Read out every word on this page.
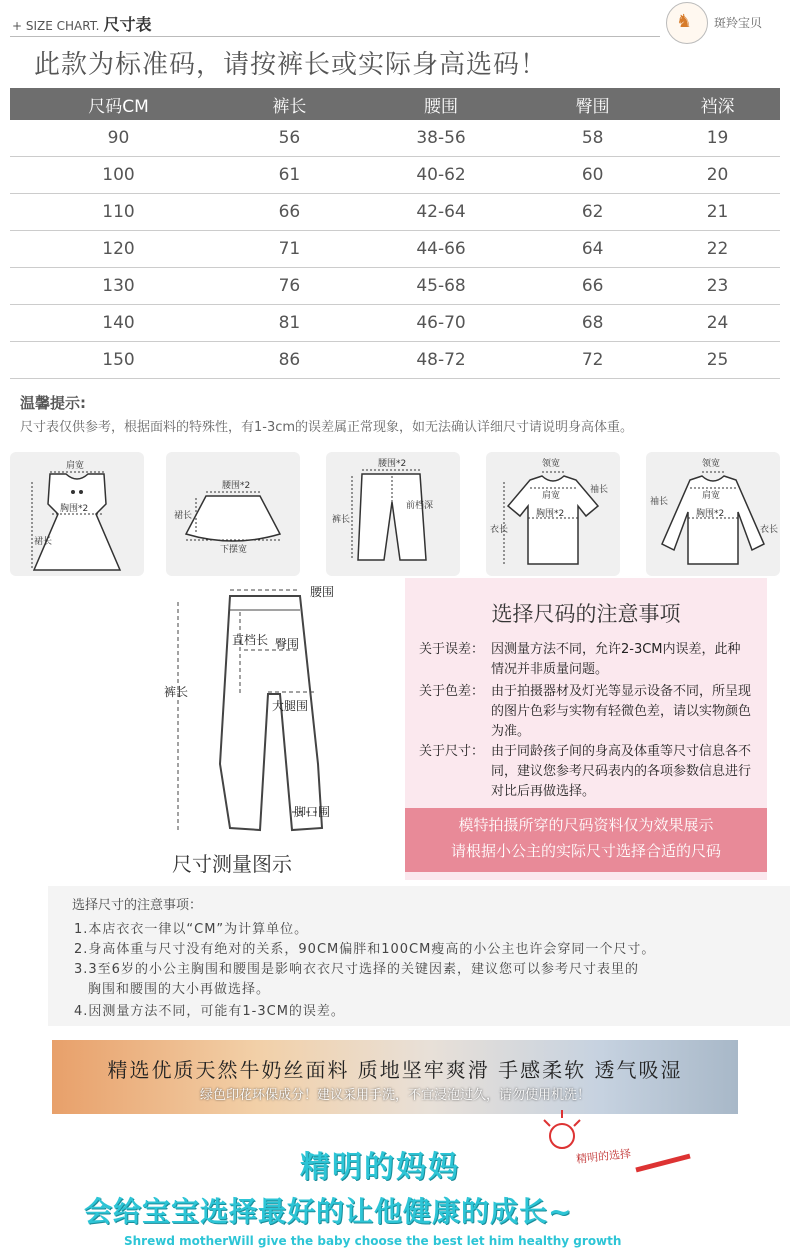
+ SIZE CHART. 尺寸表	♞ 斑羚宝贝
此款为标准码，请按裤长或实际身高选码！
尺码CM	裤长	腰围	臀围	裆深
90	56	38-56	58	19
100	61	40-62	60	20
110	66	42-64	62	21
120	71	44-66	64	22
130	76	45-68	66	23
140	81	46-70	68	24
150	86	48-72	72	25
温馨提示:
尺寸表仅供参考，根据面料的特殊性，有1-3cm的误差属正常现象，如无法确认详细尺寸请说明身高体重。
肩宽
胸围*2
裙长
腰围*2
裙长
下摆宽
腰围*2
裤长
前档深
领宽
肩宽
袖长
衣长
胸围*2
领宽
肩宽
袖长
衣长
胸围*2
腰围
臀围
直档长
大腿围
裤长
脚口围
尺寸测量图示
选择尺码的注意事项
关于误差： 因测量方法不同，允许2-3CM内误差，此种情况并非质量问题。
关于色差： 由于拍摄器材及灯光等显示设备不同，所呈现的图片色彩与实物有轻微色差，请以实物颜色为准。
关于尺寸： 由于同龄孩子间的身高及体重等尺寸信息各不同，建议您参考尺码表内的各项参数信息进行对比后再做选择。
模特拍摄所穿的尺码资料仅为效果展示
请根据小公主的实际尺寸选择合适的尺码
选择尺寸的注意事项：
1.本店衣衣一律以“CM”为计算单位。
2.身高体重与尺寸没有绝对的关系，90CM偏胖和100CM瘦高的小公主也许会穿同一个尺寸。
3.3至6岁的小公主胸围和腰围是影响衣衣尺寸选择的关键因素，建议您可以参考尺寸表里的
胸围和腰围的大小再做选择。
4.因测量方法不同，可能有1-3CM的误差。
精选优质天然牛奶丝面料 质地坚牢爽滑 手感柔软 透气吸湿
绿色印花环保成分！建议采用手洗，不宜浸泡过久，请勿使用机洗！
精明的选择
精明的妈妈
会给宝宝选择最好的让他健康的成长~
Shrewd motherWill give the baby choose the best let him healthy growth
